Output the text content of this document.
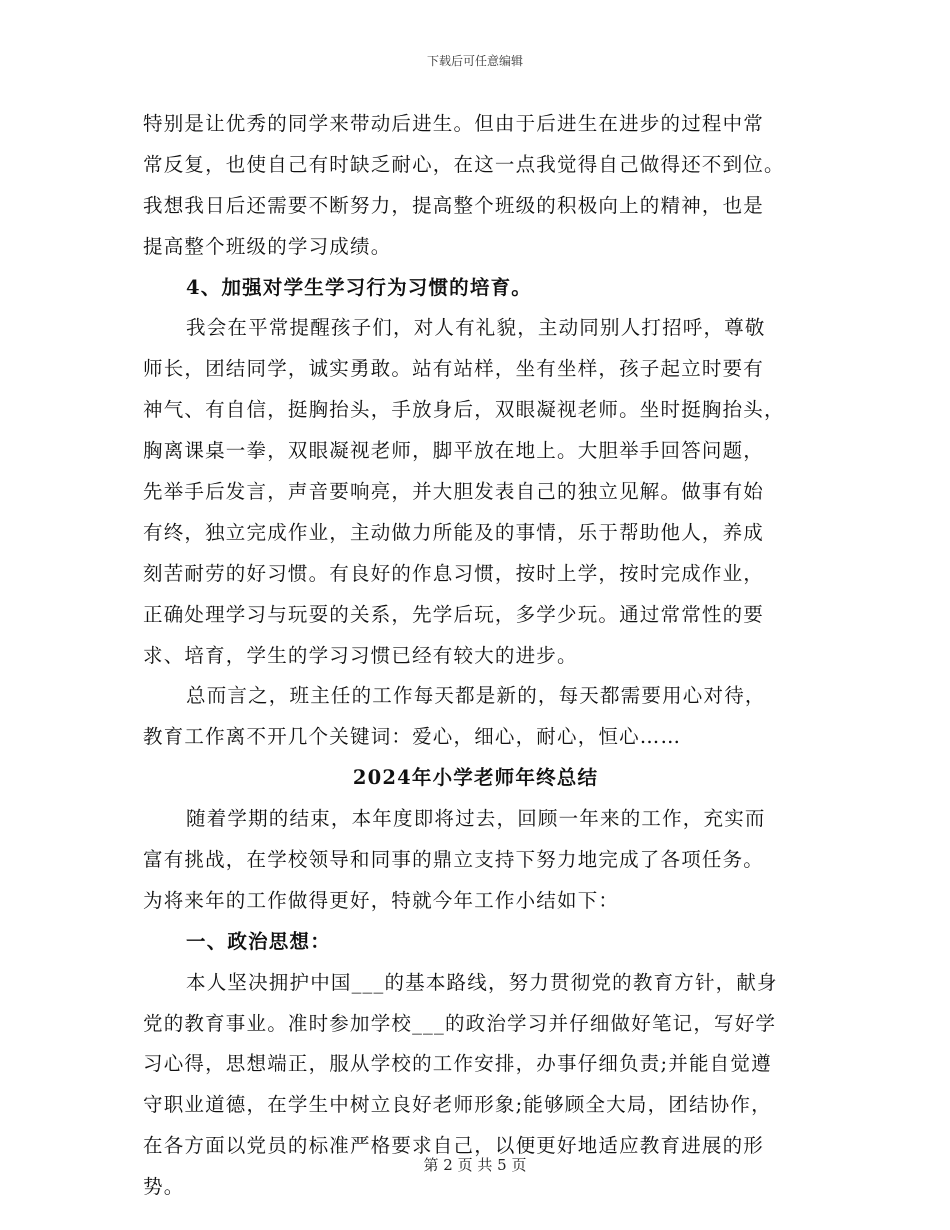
下载后可任意编辑
特别是让优秀的同学来带动后进生。但由于后进生在进步的过程中常
常反复，也使自己有时缺乏耐心，在这一点我觉得自己做得还不到位。
我想我日后还需要不断努力，提高整个班级的积极向上的精神，也是
提高整个班级的学习成绩。
4、加强对学生学习行为习惯的培育。
我会在平常提醒孩子们，对人有礼貌，主动同别人打招呼，尊敬
师长，团结同学，诚实勇敢。站有站样，坐有坐样，孩子起立时要有
神气、有自信，挺胸抬头，手放身后，双眼凝视老师。坐时挺胸抬头，
胸离课桌一拳，双眼凝视老师，脚平放在地上。大胆举手回答问题，
先举手后发言，声音要响亮，并大胆发表自己的独立见解。做事有始
有终，独立完成作业，主动做力所能及的事情，乐于帮助他人，养成
刻苦耐劳的好习惯。有良好的作息习惯，按时上学，按时完成作业，
正确处理学习与玩耍的关系，先学后玩，多学少玩。通过常常性的要
求、培育，学生的学习习惯已经有较大的进步。
总而言之，班主任的工作每天都是新的，每天都需要用心对待，
教育工作离不开几个关键词：爱心，细心，耐心，恒心……
2024年小学老师年终总结
随着学期的结束，本年度即将过去，回顾一年来的工作，充实而
富有挑战，在学校领导和同事的鼎立支持下努力地完成了各项任务。
为将来年的工作做得更好，特就今年工作小结如下：
一、政治思想：
本人坚决拥护中国___的基本路线，努力贯彻党的教育方针，献身
党的教育事业。准时参加学校___的政治学习并仔细做好笔记，写好学
习心得，思想端正，服从学校的工作安排，办事仔细负责;并能自觉遵
守职业道德，在学生中树立良好老师形象;能够顾全大局，团结协作，
在各方面以党员的标准严格要求自己，以便更好地适应教育进展的形
势。
第 2 页 共 5 页
